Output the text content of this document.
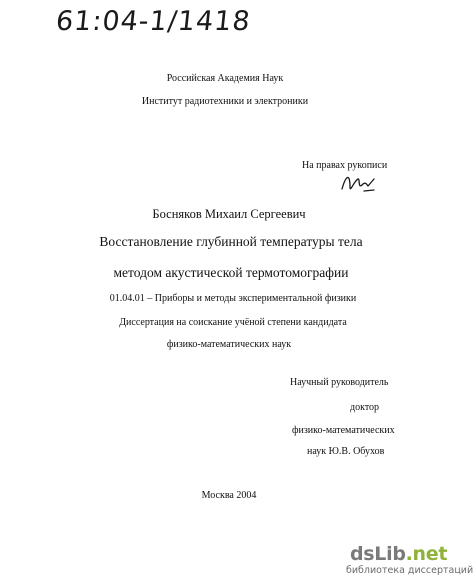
61:04-1/1418
Российская Академия Наук
Институт радиотехники и электроники
На правах рукописи
Босняков Михаил Сергеевич
Восстановление глубинной температуры тела
методом акустической термотомографии
01.04.01 – Приборы и методы экспериментальной физики
Диссертация на соискание учёной степени кандидата
физико-математических наук
Научный руководитель
доктор
физико-математических
наук Ю.В. Обухов
Москва 2004
dsLib.net
библиотека диссертаций
